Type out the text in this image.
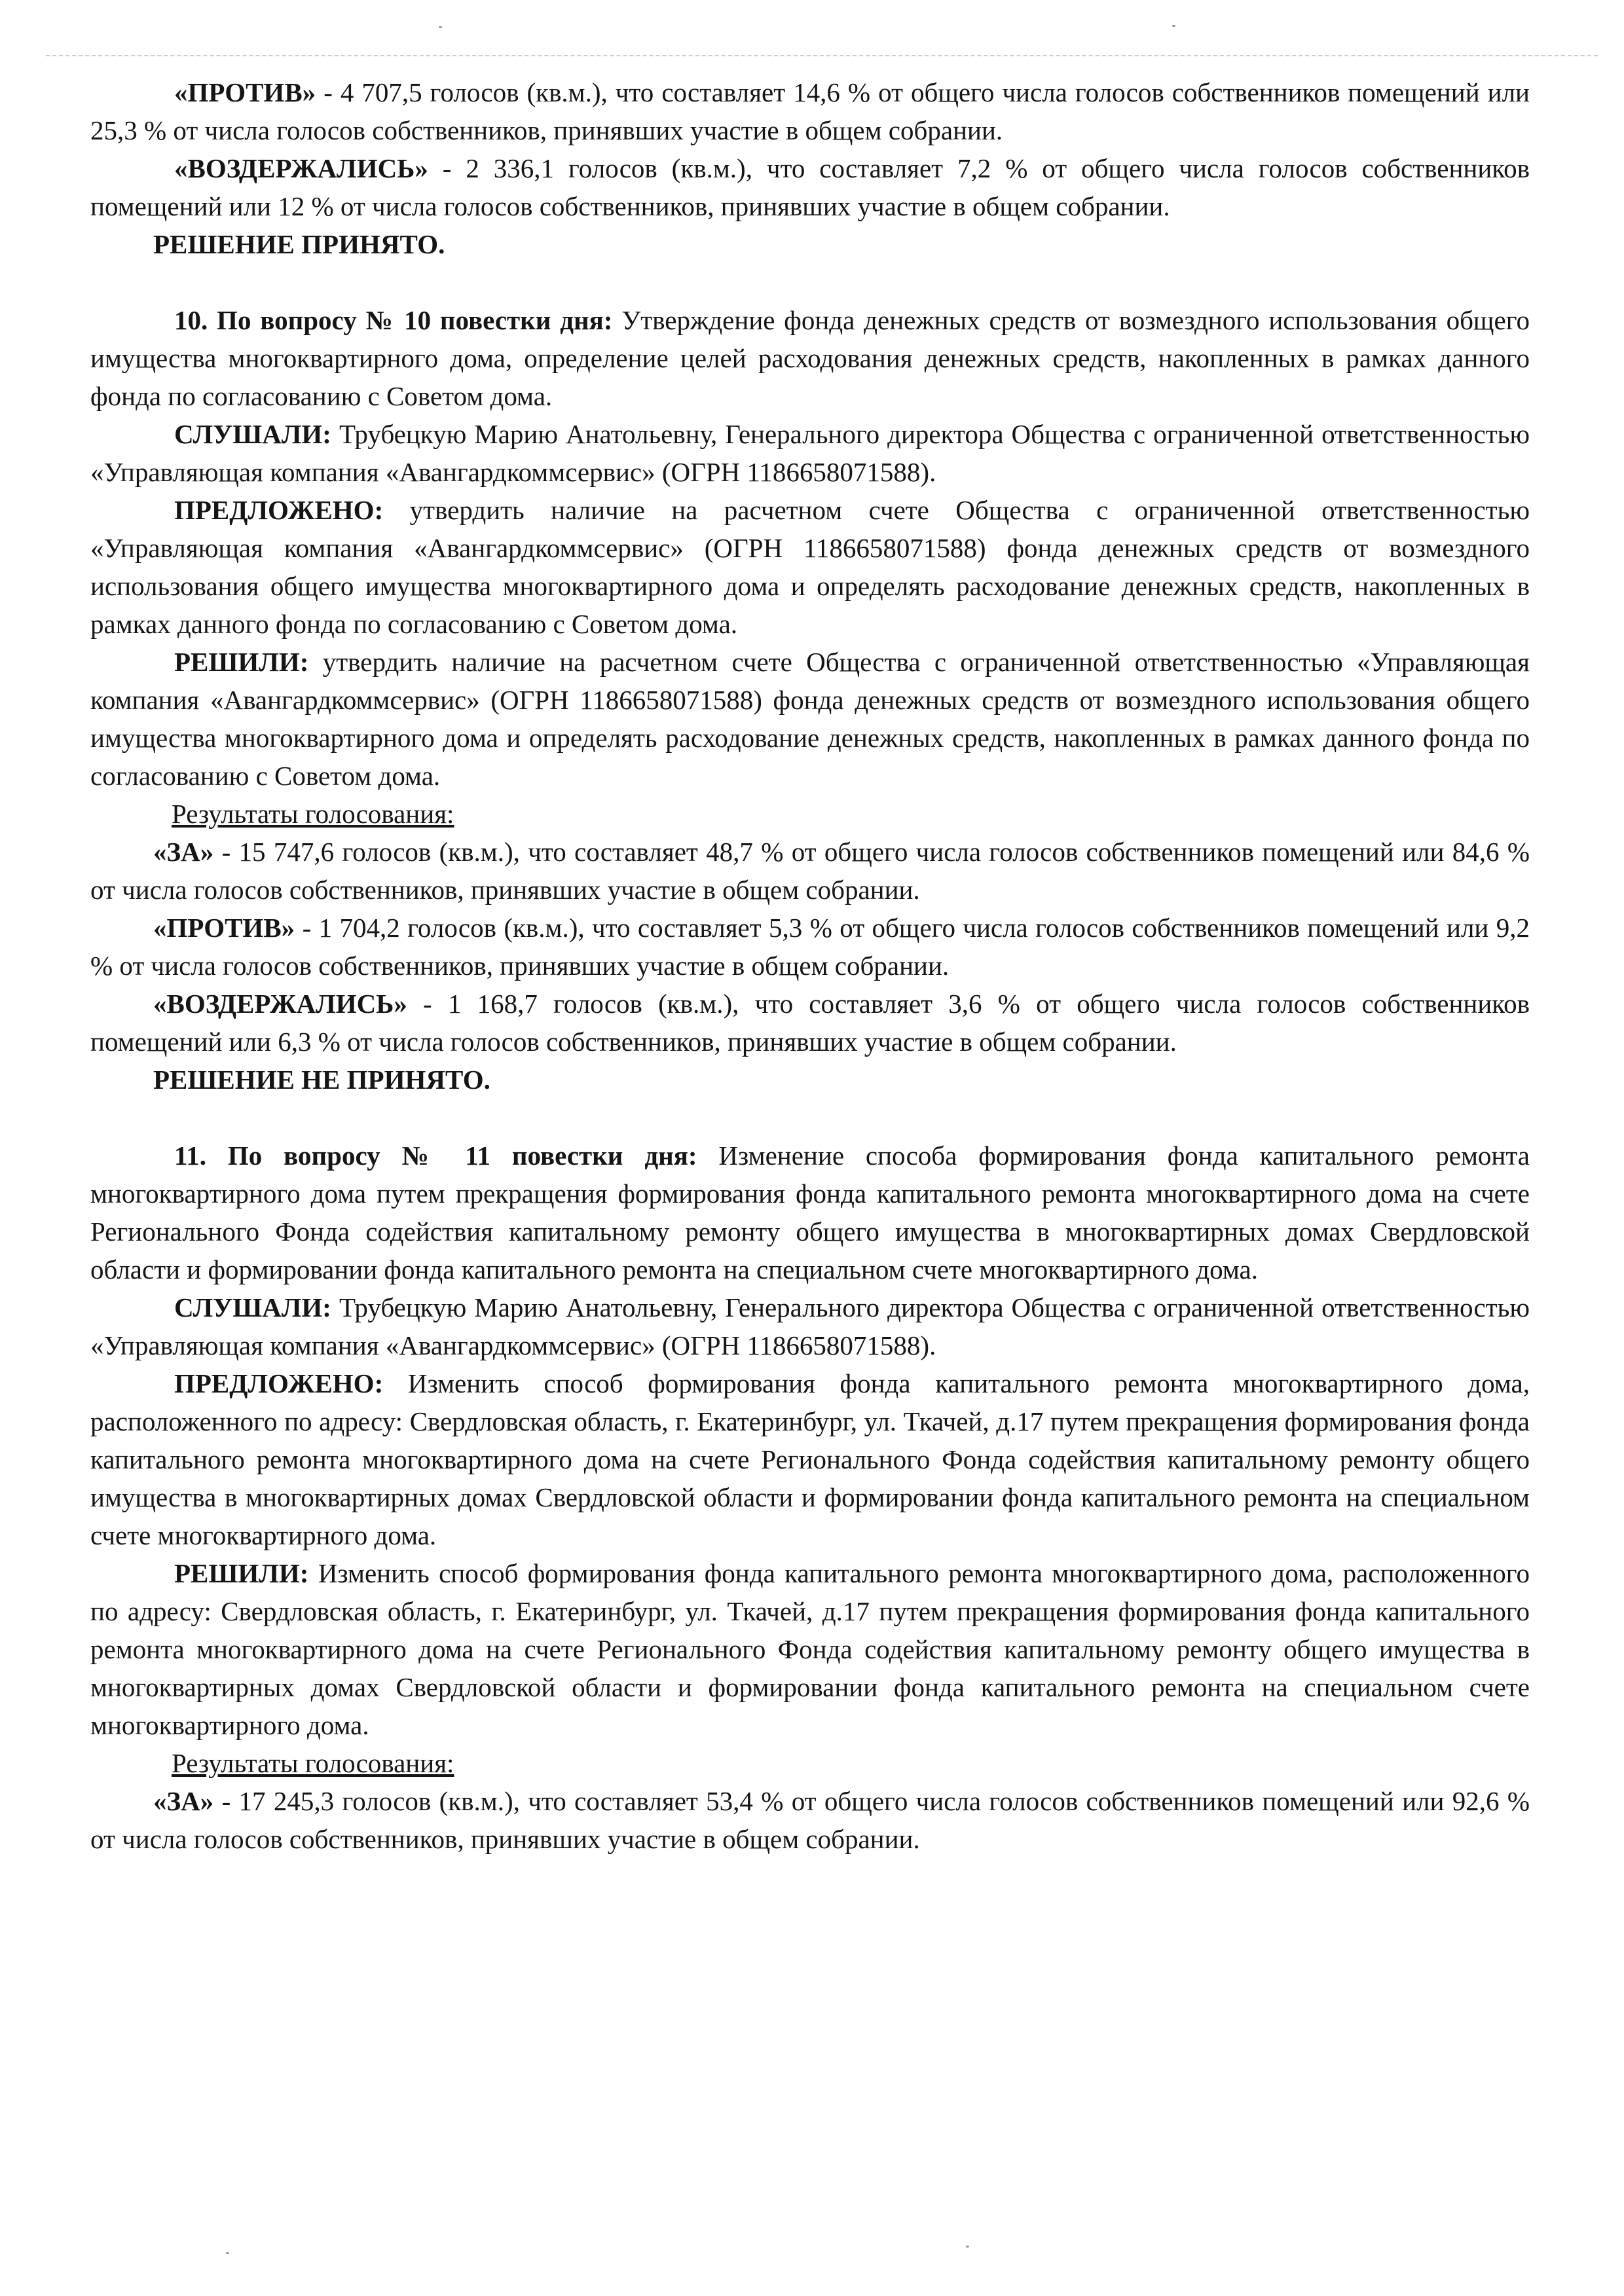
«ПРОТИВ» - 4 707,5 голосов (кв.м.), что составляет 14,6 % от общего числа голосов собственников помещений или 25,3 % от числа голосов собственников, принявших участие в общем собрании.

«ВОЗДЕРЖАЛИСЬ» - 2 336,1 голосов (кв.м.), что составляет 7,2 % от общего числа голосов собственников помещений или 12 % от числа голосов собственников, принявших участие в общем собрании.

РЕШЕНИЕ ПРИНЯТО.

10. По вопросу № 10 повестки дня: Утверждение фонда денежных средств от возмездного использования общего имущества многоквартирного дома, определение целей расходования денежных средств, накопленных в рамках данного фонда по согласованию с Советом дома.

СЛУШАЛИ: Трубецкую Марию Анатольевну, Генерального директора Общества с ограниченной ответственностью «Управляющая компания «Авангардкоммсервис» (ОГРН 1186658071588).

ПРЕДЛОЖЕНО: утвердить наличие на расчетном счете Общества с ограниченной ответственностью «Управляющая компания «Авангардкоммсервис» (ОГРН 1186658071588) фонда денежных средств от возмездного использования общего имущества многоквартирного дома и определять расходование денежных средств, накопленных в рамках данного фонда по согласованию с Советом дома.

РЕШИЛИ: утвердить наличие на расчетном счете Общества с ограниченной ответственностью «Управляющая компания «Авангардкоммсервис» (ОГРН 1186658071588) фонда денежных средств от возмездного использования общего имущества многоквартирного дома и определять расходование денежных средств, накопленных в рамках данного фонда по согласованию с Советом дома.

Результаты голосования:

«ЗА» - 15 747,6 голосов (кв.м.), что составляет 48,7 % от общего числа голосов собственников помещений или 84,6 % от числа голосов собственников, принявших участие в общем собрании.

«ПРОТИВ» - 1 704,2 голосов (кв.м.), что составляет 5,3 % от общего числа голосов собственников помещений или 9,2 % от числа голосов собственников, принявших участие в общем собрании.

«ВОЗДЕРЖАЛИСЬ» - 1 168,7 голосов (кв.м.), что составляет 3,6 % от общего числа голосов собственников помещений или 6,3 % от числа голосов собственников, принявших участие в общем собрании.

РЕШЕНИЕ НЕ ПРИНЯТО.

11. По вопросу № 11 повестки дня: Изменение способа формирования фонда капитального ремонта многоквартирного дома путем прекращения формирования фонда капитального ремонта многоквартирного дома на счете Регионального Фонда содействия капитальному ремонту общего имущества в многоквартирных домах Свердловской области и формировании фонда капитального ремонта на специальном счете многоквартирного дома.

СЛУШАЛИ: Трубецкую Марию Анатольевну, Генерального директора Общества с ограниченной ответственностью «Управляющая компания «Авангардкоммсервис» (ОГРН 1186658071588).

ПРЕДЛОЖЕНО: Изменить способ формирования фонда капитального ремонта многоквартирного дома, расположенного по адресу: Свердловская область, г. Екатеринбург, ул. Ткачей, д.17 путем прекращения формирования фонда капитального ремонта многоквартирного дома на счете Регионального Фонда содействия капитальному ремонту общего имущества в многоквартирных домах Свердловской области и формировании фонда капитального ремонта на специальном счете многоквартирного дома.

РЕШИЛИ: Изменить способ формирования фонда капитального ремонта многоквартирного дома, расположенного по адресу: Свердловская область, г. Екатеринбург, ул. Ткачей, д.17 путем прекращения формирования фонда капитального ремонта многоквартирного дома на счете Регионального Фонда содействия капитальному ремонту общего имущества в многоквартирных домах Свердловской области и формировании фонда капитального ремонта на специальном счете многоквартирного дома.

Результаты голосования:

«ЗА» - 17 245,3 голосов (кв.м.), что составляет 53,4 % от общего числа голосов собственников помещений или 92,6 % от числа голосов собственников, принявших участие в общем собрании.
